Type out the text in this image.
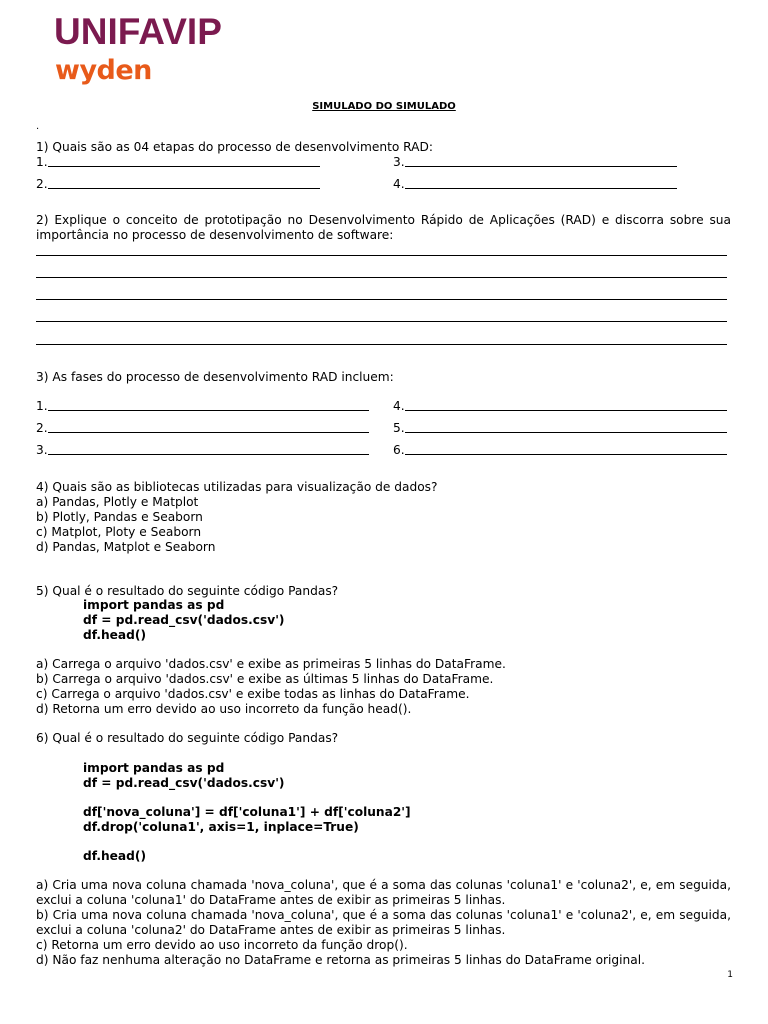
UNIFAVIP
wyden
SIMULADO DO SIMULADO
.
1) Quais são as 04 etapas do processo de desenvolvimento RAD:
1.	3.
2.	4.
2) Explique o conceito de prototipação no Desenvolvimento Rápido de Aplicações (RAD) e discorra sobre sua importância no processo de desenvolvimento de software:
3) As fases do processo de desenvolvimento RAD incluem:
1.	4.
2.	5.
3.	6.
4) Quais são as bibliotecas utilizadas para visualização de dados?
a) Pandas, Plotly e Matplot
b) Plotly, Pandas e Seaborn
c) Matplot, Ploty e Seaborn
d) Pandas, Matplot e Seaborn
5) Qual é o resultado do seguinte código Pandas?
import pandas as pd
df = pd.read_csv('dados.csv')
df.head()
a) Carrega o arquivo 'dados.csv' e exibe as primeiras 5 linhas do DataFrame.
b) Carrega o arquivo 'dados.csv' e exibe as últimas 5 linhas do DataFrame.
c) Carrega o arquivo 'dados.csv' e exibe todas as linhas do DataFrame.
d) Retorna um erro devido ao uso incorreto da função head().
6) Qual é o resultado do seguinte código Pandas?
import pandas as pd
df = pd.read_csv('dados.csv')
df['nova_coluna'] = df['coluna1'] + df['coluna2']
df.drop('coluna1', axis=1, inplace=True)
df.head()
a) Cria uma nova coluna chamada 'nova_coluna', que é a soma das colunas 'coluna1' e 'coluna2', e, em seguida, exclui a coluna 'coluna1' do DataFrame antes de exibir as primeiras 5 linhas.
b) Cria uma nova coluna chamada 'nova_coluna', que é a soma das colunas 'coluna1' e 'coluna2', e, em seguida, exclui a coluna 'coluna2' do DataFrame antes de exibir as primeiras 5 linhas.
c) Retorna um erro devido ao uso incorreto da função drop().
d) Não faz nenhuma alteração no DataFrame e retorna as primeiras 5 linhas do DataFrame original.
1
